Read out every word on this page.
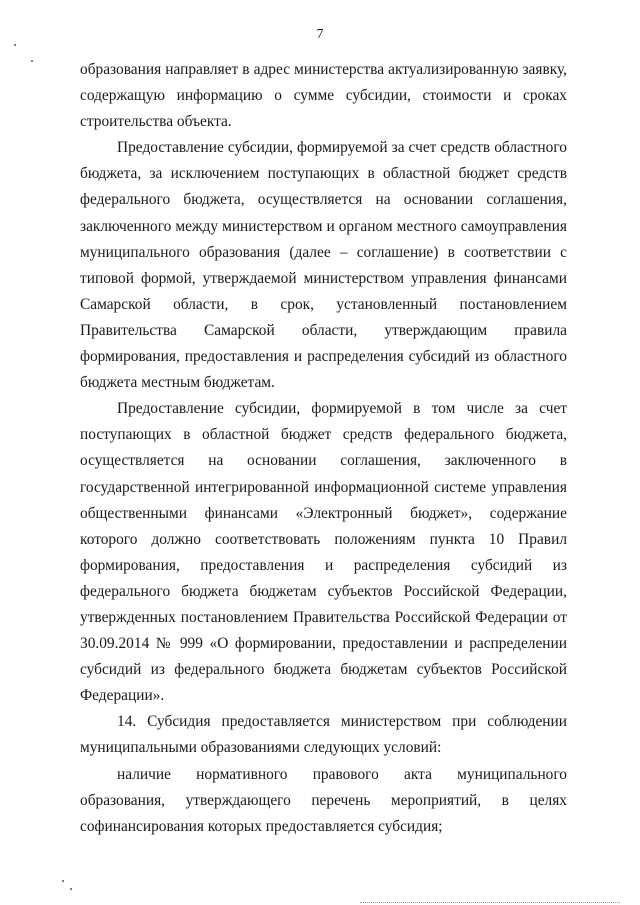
7

образования направляет в адрес министерства актуализированную заявку, содержащую информацию о сумме субсидии, стоимости и сроках строительства объекта.

Предоставление субсидии, формируемой за счет средств областного бюджета, за исключением поступающих в областной бюджет средств федерального бюджета, осуществляется на основании соглашения, заключенного между министерством и органом местного самоуправления муниципального образования (далее – соглашение) в соответствии с типовой формой, утверждаемой министерством управления финансами Самарской области, в срок, установленный постановлением Правительства Самарской области, утверждающим правила формирования, предоставления и распределения субсидий из областного бюджета местным бюджетам.

Предоставление субсидии, формируемой в том числе за счет поступающих в областной бюджет средств федерального бюджета, осуществляется на основании соглашения, заключенного в государственной интегрированной информационной системе управления общественными финансами «Электронный бюджет», содержание которого должно соответствовать положениям пункта 10 Правил формирования, предоставления и распределения субсидий из федерального бюджета бюджетам субъектов Российской Федерации, утвержденных постановлением Правительства Российской Федерации от 30.09.2014 № 999 «О формировании, предоставлении и распределении субсидий из федерального бюджета бюджетам субъектов Российской Федерации».

14. Субсидия предоставляется министерством при соблюдении муниципальными образованиями следующих условий:

наличие нормативного правового акта муниципального образования, утверждающего перечень мероприятий, в целях софинансирования которых предоставляется субсидия;
